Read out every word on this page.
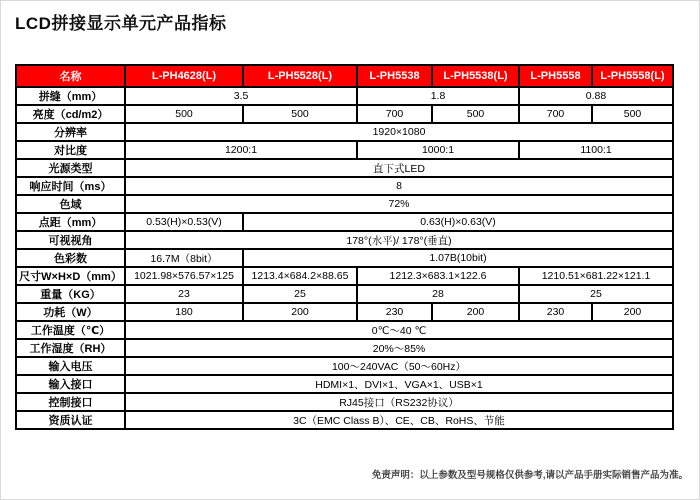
LCD拼接显示单元产品指标
名称	L-PH4628(L)	L-PH5528(L)	L-PH5538	L-PH5538(L)	L-PH5558	L-PH5558(L)
拼缝（mm）	3.5		1.8		0.88	
亮度（cd/m2）	500	500	700	500	700	500
分辨率	1920×1080					
对比度	1200:1		1000:1		1100:1	
光源类型	直下式LED					
响应时间（ms）	8					
色域	72%					
点距（mm）	0.53(H)×0.53(V)	0.63(H)×0.63(V)				
可视视角	178°(水平)/ 178°(垂直)					
色彩数	16.7M（8bit）	1.07B(10bit)				
尺寸W×H×D（mm）	1021.98×576.57×125	1213.4×684.2×88.65	1212.3×683.1×122.6		1210.51×681.22×121.1	
重量（KG）	23	25	28		25	
功耗（W）	180	200	230	200	230	200
工作温度（℃）	0℃～40 ℃					
工作湿度（RH）	20%～85%					
输入电压	100～240VAC（50～60Hz）					
输入接口	HDMI×1、DVI×1、VGA×1、USB×1					
控制接口	RJ45接口（RS232协议）					
资质认证	3C（EMC Class B）、CE、CB、RoHS、节能					
免责声明：以上参数及型号规格仅供参考,请以产品手册实际销售产品为准。
